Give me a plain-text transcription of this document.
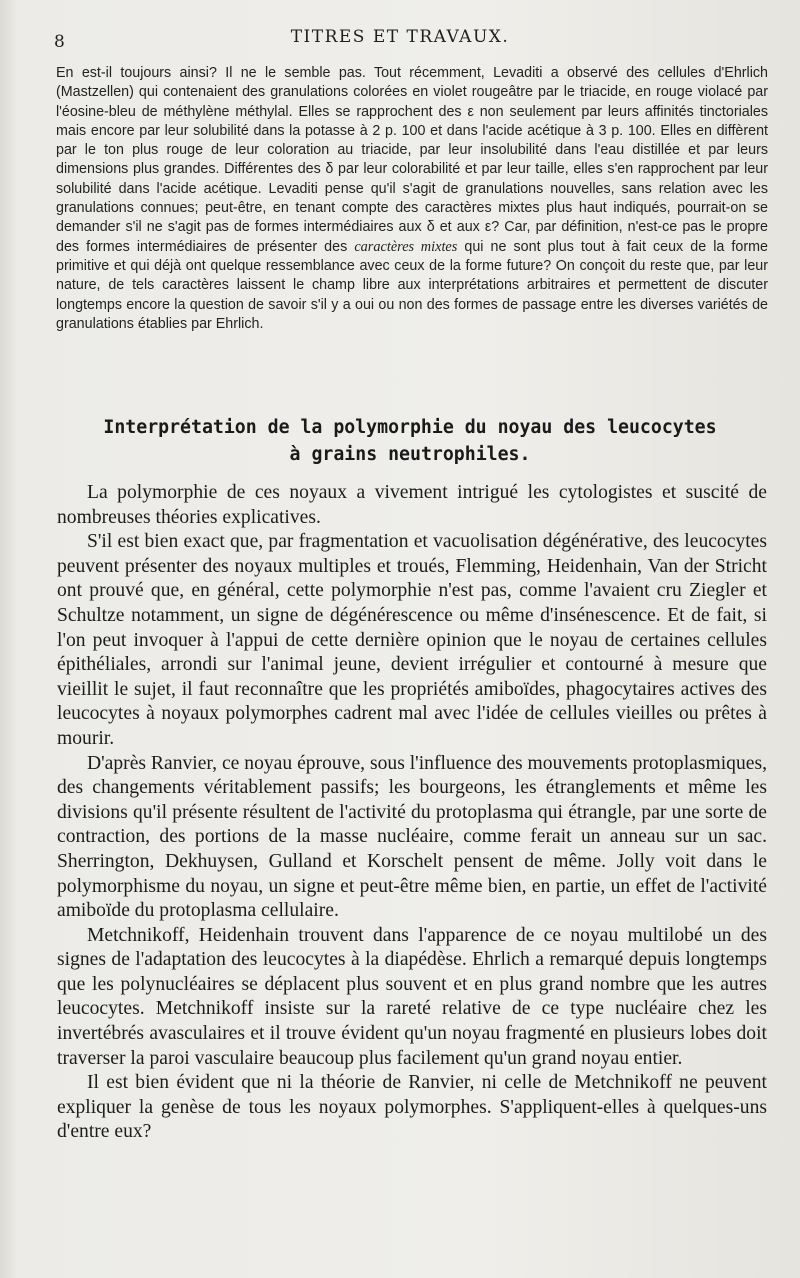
8	TITRES ET TRAVAUX.
En est-il toujours ainsi? Il ne le semble pas. Tout récemment, Levaditi a observé des cellules d'Ehrlich (Mastzellen) qui contenaient des granulations colorées en violet rougeâtre par le triacide, en rouge violacé par l'éosine-bleu de méthylène méthylal. Elles se rapprochent des ε non seulement par leurs affinités tinctoriales mais encore par leur solubilité dans la potasse à 2 p. 100 et dans l'acide acétique à 3 p. 100. Elles en diffèrent par le ton plus rouge de leur coloration au triacide, par leur insolubilité dans l'eau distillée et par leurs dimensions plus grandes. Différentes des δ par leur colorabilité et par leur taille, elles s'en rapprochent par leur solubilité dans l'acide acétique. Levaditi pense qu'il s'agit de granulations nouvelles, sans relation avec les granulations connues; peut-être, en tenant compte des caractères mixtes plus haut indiqués, pourrait-on se demander s'il ne s'agit pas de formes intermédiaires aux δ et aux ε? Car, par définition, n'est-ce pas le propre des formes intermédiaires de présenter des caractères mixtes qui ne sont plus tout à fait ceux de la forme primitive et qui déjà ont quelque ressemblance avec ceux de la forme future? On conçoit du reste que, par leur nature, de tels caractères laissent le champ libre aux interprétations arbitraires et permettent de discuter longtemps encore la question de savoir s'il y a oui ou non des formes de passage entre les diverses variétés de granulations établies par Ehrlich.
Interprétation de la polymorphie du noyau des leucocytes
à grains neutrophiles.

La polymorphie de ces noyaux a vivement intrigué les cytologistes et suscité de nombreuses théories explicatives.

S'il est bien exact que, par fragmentation et vacuolisation dégénérative, des leucocytes peuvent présenter des noyaux multiples et troués, Flemming, Heidenhain, Van der Stricht ont prouvé que, en général, cette polymorphie n'est pas, comme l'avaient cru Ziegler et Schultze notamment, un signe de dégénérescence ou même d'insénescence. Et de fait, si l'on peut invoquer à l'appui de cette dernière opinion que le noyau de certaines cellules épithéliales, arrondi sur l'animal jeune, devient irrégulier et contourné à mesure que vieillit le sujet, il faut reconnaître que les propriétés amiboïdes, phagocytaires actives des leucocytes à noyaux polymorphes cadrent mal avec l'idée de cellules vieilles ou prêtes à mourir.

D'après Ranvier, ce noyau éprouve, sous l'influence des mouvements protoplasmiques, des changements véritablement passifs; les bourgeons, les étranglements et même les divisions qu'il présente résultent de l'activité du protoplasma qui étrangle, par une sorte de contraction, des portions de la masse nucléaire, comme ferait un anneau sur un sac. Sherrington, Dekhuysen, Gulland et Korschelt pensent de même. Jolly voit dans le polymorphisme du noyau, un signe et peut-être même bien, en partie, un effet de l'activité amiboïde du protoplasma cellulaire.

Metchnikoff, Heidenhain trouvent dans l'apparence de ce noyau multilobé un des signes de l'adaptation des leucocytes à la diapédèse. Ehrlich a remarqué depuis longtemps que les polynucléaires se déplacent plus souvent et en plus grand nombre que les autres leucocytes. Metchnikoff insiste sur la rareté relative de ce type nucléaire chez les invertébrés avasculaires et il trouve évident qu'un noyau fragmenté en plusieurs lobes doit traverser la paroi vasculaire beaucoup plus facilement qu'un grand noyau entier.

Il est bien évident que ni la théorie de Ranvier, ni celle de Metchnikoff ne peuvent expliquer la genèse de tous les noyaux polymorphes. S'appliquent-elles à quelques-uns d'entre eux?
